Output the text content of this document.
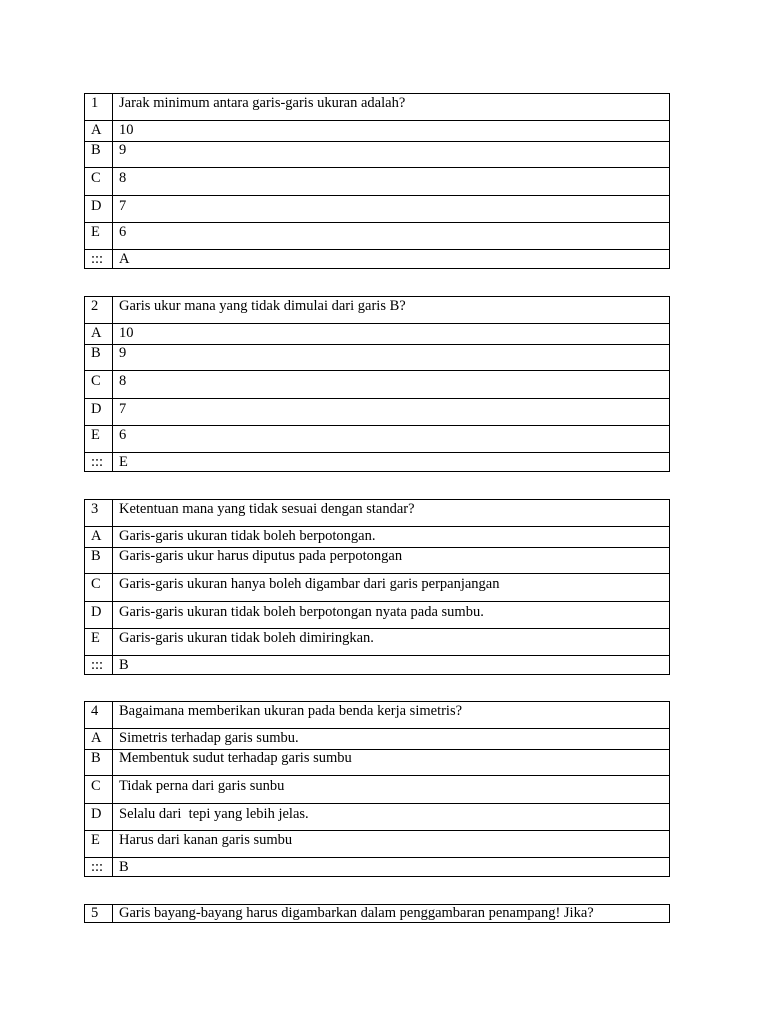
1	Jarak minimum antara garis-garis ukuran adalah?
A	10
B	9
C	8
D	7
E	6
:::	A
2	Garis ukur mana yang tidak dimulai dari garis B?
A	10
B	9
C	8
D	7
E	6
:::	E
3	Ketentuan mana yang tidak sesuai dengan standar?
A	Garis-garis ukuran tidak boleh berpotongan.
B	Garis-garis ukur harus diputus pada perpotongan
C	Garis-garis ukuran hanya boleh digambar dari garis perpanjangan
D	Garis-garis ukuran tidak boleh berpotongan nyata pada sumbu.
E	Garis-garis ukuran tidak boleh dimiringkan.
:::	B
4	Bagaimana memberikan ukuran pada benda kerja simetris?
A	Simetris terhadap garis sumbu.
B	Membentuk sudut terhadap garis sumbu
C	Tidak perna dari garis sunbu
D	Selalu dari  tepi yang lebih jelas.
E	Harus dari kanan garis sumbu
:::	B
5	Garis bayang-bayang harus digambarkan dalam penggambaran penampang! Jika?
